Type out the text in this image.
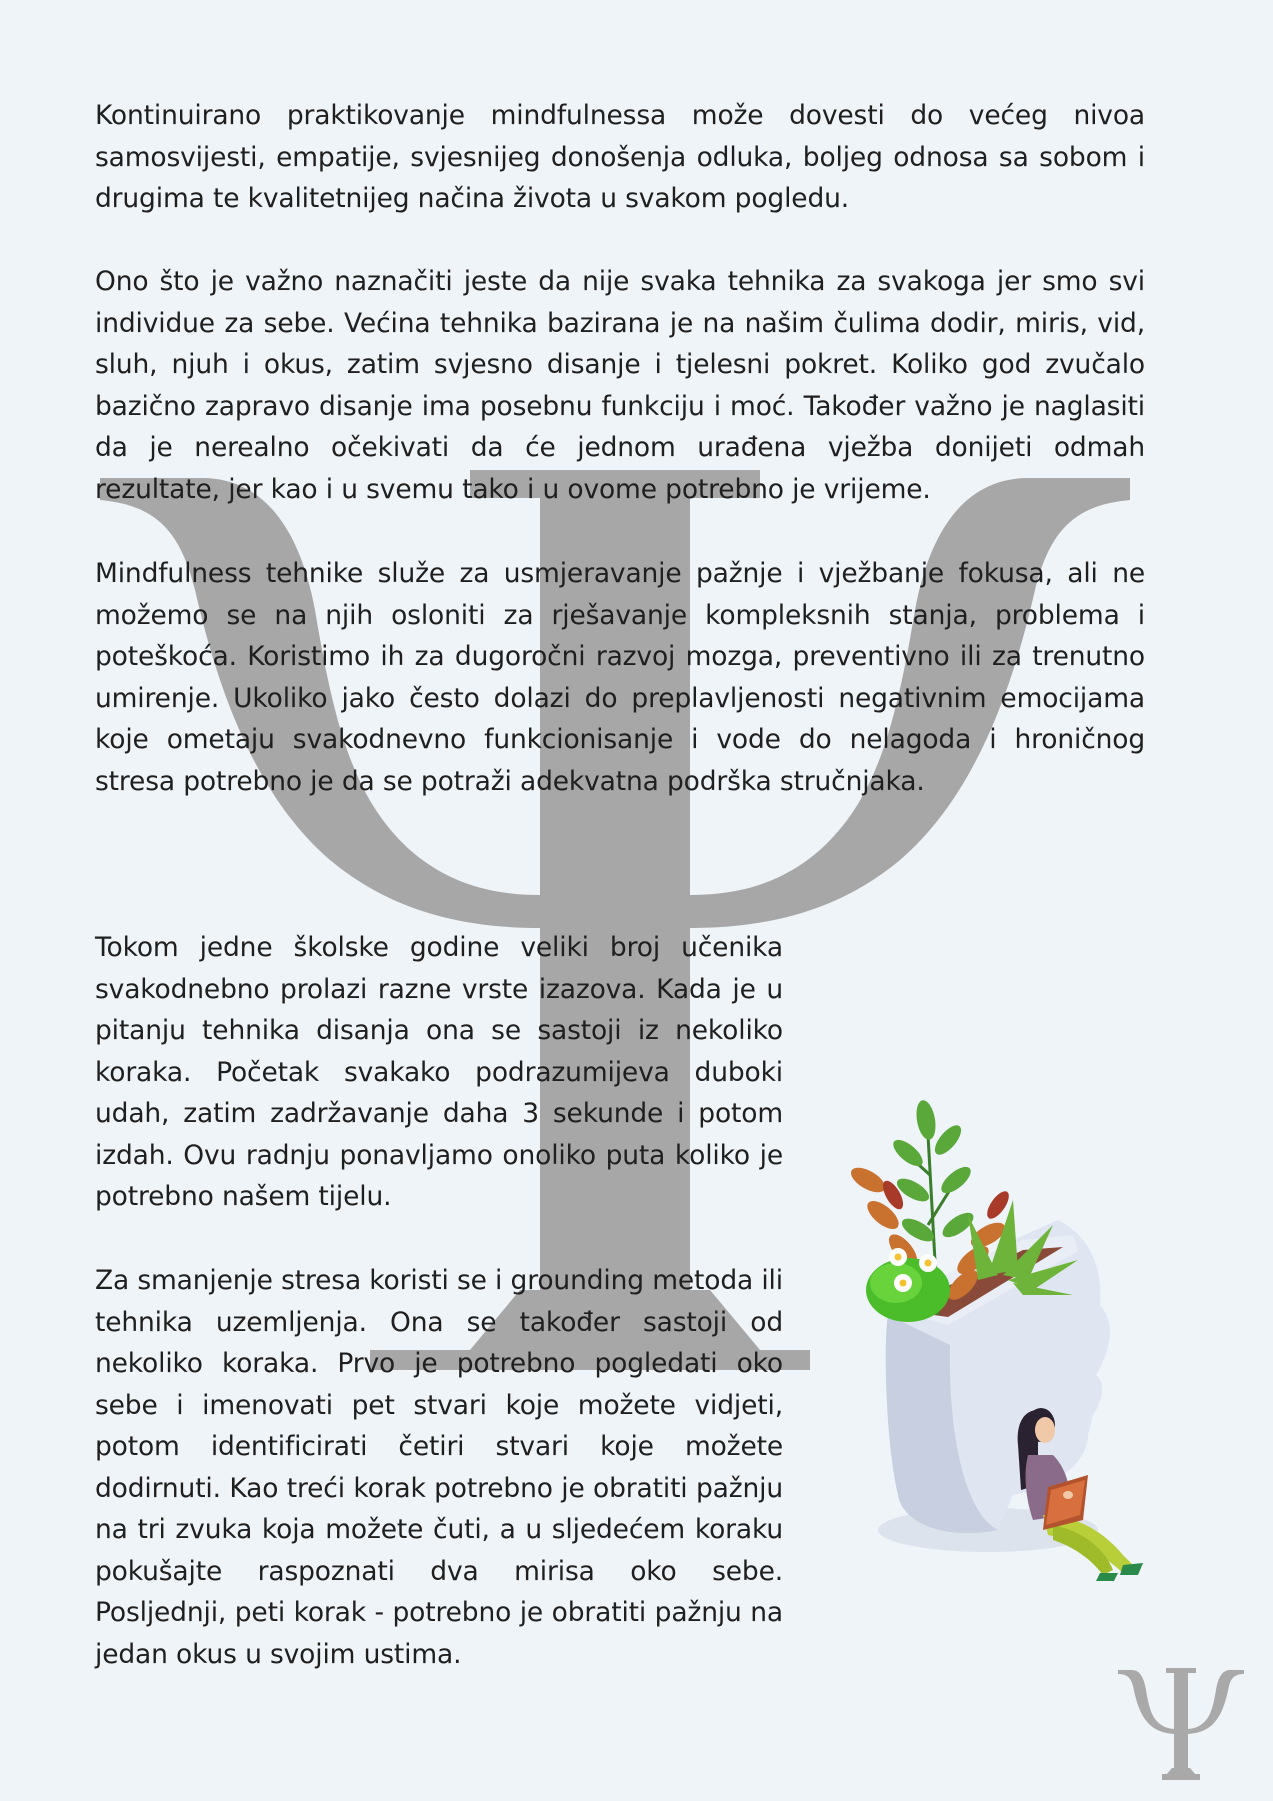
Kontinuirano praktikovanje mindfulnessa može dovesti do većeg nivoa samosvijesti, empatije, svjesnijeg donošenja odluka, boljeg odnosa sa sobom i drugima te kvalitetnijeg načina života u svakom pogledu.

Ono što je važno naznačiti jeste da nije svaka tehnika za svakoga jer smo svi individue za sebe. Većina tehnika bazirana je na našim čulima dodir, miris, vid, sluh, njuh i okus, zatim svjesno disanje i tjelesni pokret. Koliko god zvučalo bazično zapravo disanje ima posebnu funkciju i moć. Također važno je naglasiti da je nerealno očekivati da će jednom urađena vježba donijeti odmah rezultate, jer kao i u svemu tako i u ovome potrebno je vrijeme.

Mindfulness tehnike služe za usmjeravanje pažnje i vježbanje fokusa, ali ne možemo se na njih osloniti za rješavanje kompleksnih stanja, problema i poteškoća. Koristimo ih za dugoročni razvoj mozga, preventivno ili za trenutno umirenje. Ukoliko jako često dolazi do preplavljenosti negativnim emocijama koje ometaju svakodnevno funkcionisanje i vode do nelagoda i hroničnog stresa potrebno je da se potraži adekvatna podrška stručnjaka.

Tokom jedne školske godine veliki broj učenika svakodnebno prolazi razne vrste izazova. Kada je u pitanju tehnika disanja ona se sastoji iz nekoliko koraka. Početak svakako podrazumijeva duboki udah, zatim zadržavanje daha 3 sekunde i potom izdah. Ovu radnju ponavljamo onoliko puta koliko je potrebno našem tijelu.

Za smanjenje stresa koristi se i grounding metoda ili tehnika uzemljenja. Ona se također sastoji od nekoliko koraka. Prvo je potrebno pogledati oko sebe i imenovati pet stvari koje možete vidjeti, potom identificirati četiri stvari koje možete dodirnuti. Kao treći korak potrebno je obratiti pažnju na tri zvuka koja možete čuti, a u sljedećem koraku pokušajte raspoznati dva mirisa oko sebe. Posljednji, peti korak - potrebno je obratiti pažnju na jedan okus u svojim ustima.
